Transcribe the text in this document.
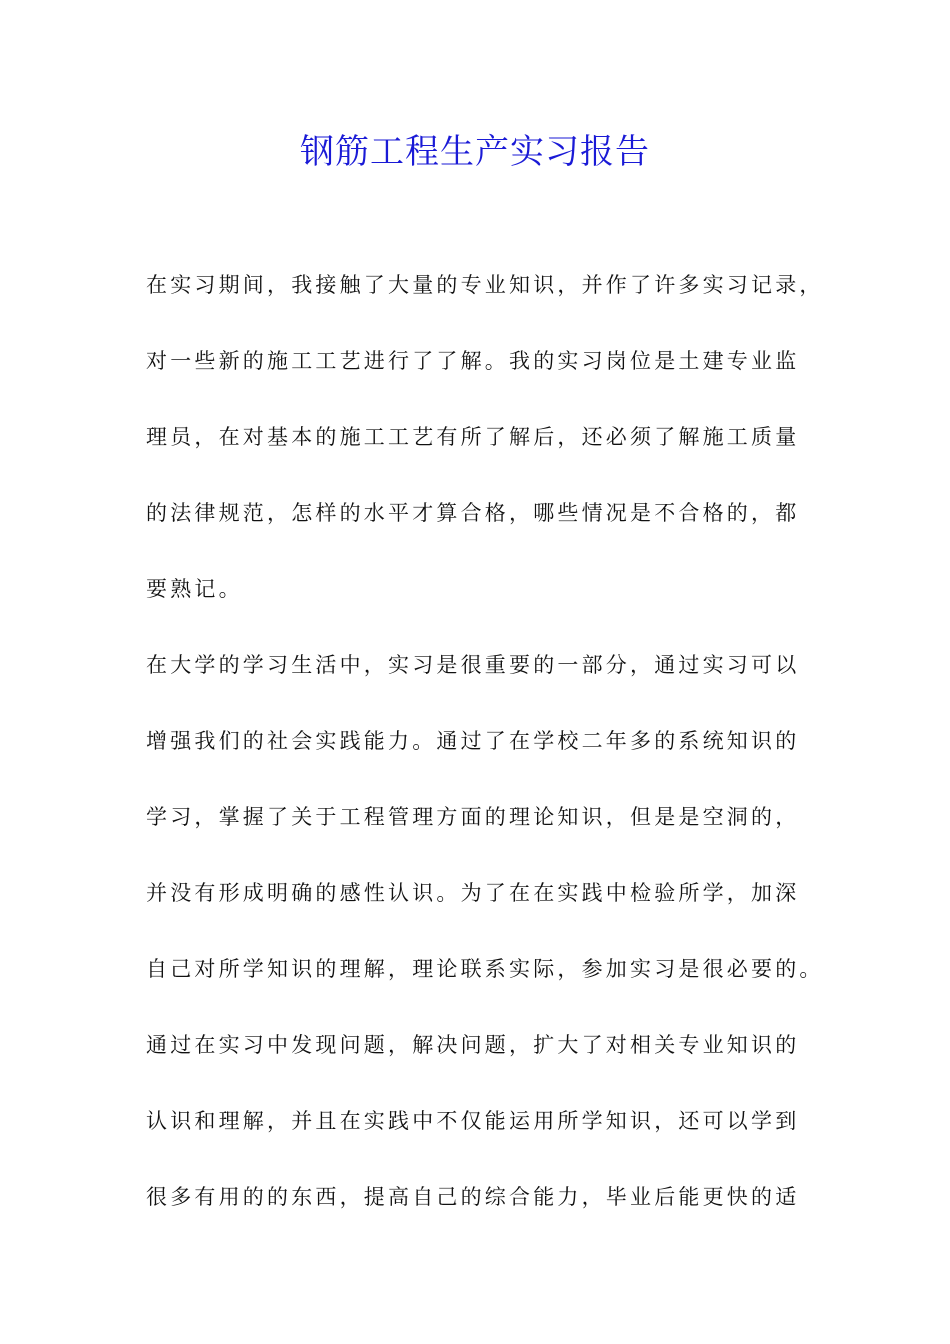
钢筋工程生产实习报告
在实习期间，我接触了大量的专业知识，并作了许多实习记录，
对一些新的施工工艺进行了了解。我的实习岗位是土建专业监
理员，在对基本的施工工艺有所了解后，还必须了解施工质量
的法律规范，怎样的水平才算合格，哪些情况是不合格的，都
要熟记。
在大学的学习生活中，实习是很重要的一部分，通过实习可以
增强我们的社会实践能力。通过了在学校二年多的系统知识的
学习，掌握了关于工程管理方面的理论知识，但是是空洞的，
并没有形成明确的感性认识。为了在在实践中检验所学，加深
自己对所学知识的理解，理论联系实际，参加实习是很必要的。
通过在实习中发现问题，解决问题，扩大了对相关专业知识的
认识和理解，并且在实践中不仅能运用所学知识，还可以学到
很多有用的的东西，提高自己的综合能力，毕业后能更快的适
